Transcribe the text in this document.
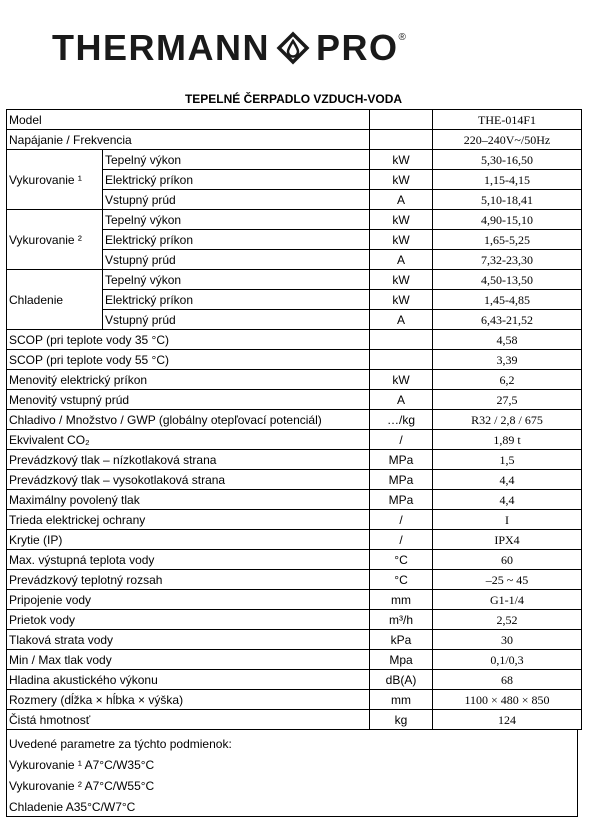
THERMANN PRO ®
TEPELNÉ ČERPADLO VZDUCH-VODA
Model			THE-014F1
Napájanie / Frekvencia			220–240V~/50Hz
Vykurovanie ¹	Tepelný výkon	kW	5,30-16,50
	Elektrický príkon	kW	1,15-4,15
	Vstupný prúd	A	5,10-18,41
Vykurovanie ²	Tepelný výkon	kW	4,90-15,10
	Elektrický príkon	kW	1,65-5,25
	Vstupný prúd	A	7,32-23,30
Chladenie	Tepelný výkon	kW	4,50-13,50
	Elektrický príkon	kW	1,45-4,85
	Vstupný prúd	A	6,43-21,52
SCOP (pri teplote vody 35 °C)			4,58
SCOP (pri teplote vody 55 °C)			3,39
Menovitý elektrický príkon		kW	6,2
Menovitý vstupný prúd		A	27,5
Chladivo / Množstvo / GWP (globálny otepľovací potenciál)		…/kg	R32 / 2,8 / 675
Ekvivalent CO₂		/	1,89 t
Prevádzkový tlak – nízkotlaková strana		MPa	1,5
Prevádzkový tlak – vysokotlaková strana		MPa	4,4
Maximálny povolený tlak		MPa	4,4
Trieda elektrickej ochrany		/	I
Krytie (IP)		/	IPX4
Max. výstupná teplota vody		°C	60
Prevádzkový teplotný rozsah		°C	–25 ~ 45
Pripojenie vody		mm	G1-1/4
Prietok vody		m³/h	2,52
Tlaková strata vody		kPa	30
Min / Max tlak vody		Mpa	0,1/0,3
Hladina akustického výkonu		dB(A)	68
Rozmery (dĺžka × hĺbka × výška)		mm	1100 × 480 × 850
Čistá hmotnosť		kg	124
Uvedené parametre za týchto podmienok:
Vykurovanie ¹ A7°C/W35°C
Vykurovanie ² A7°C/W55°C
Chladenie A35°C/W7°C
